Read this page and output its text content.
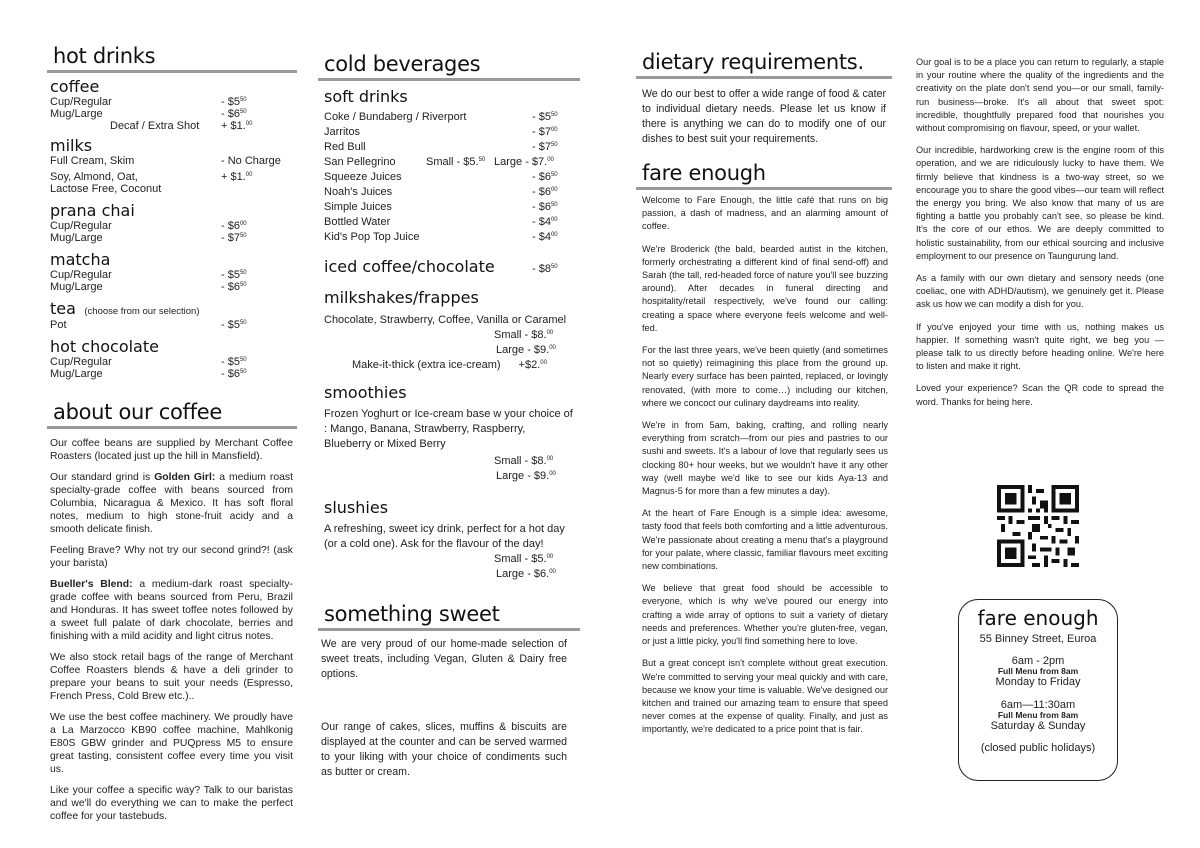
hot drinks
coffee
Cup/Regular	- $\$5^{50}$
Mug/Large	- $\$6^{50}$
Decaf / Extra Shot	+ $1.00
milks
Full Cream, Skim	- No Charge
Soy, Almond, Oat,	+ $1.00
Lactose Free, Coconut
prana chai
Cup/Regular	- $\$6^{00}$
Mug/Large	- $\$7^{50}$
matcha
Cup/Regular	- $\$5^{50}$
Mug/Large	- $\$6^{50}$
tea (choose from our selection)
Pot	- $\$5^{50}$
hot chocolate
Cup/Regular	- $\$5^{50}$
Mug/Large	- $\$6^{50}$
about our coffee

Our coffee beans are supplied by Merchant Coffee Roasters (located just up the hill in Mansfield).

Our standard grind is Golden Girl: a medium roast specialty-grade coffee with beans sourced from Columbia, Nicaragua & Mexico. It has soft floral notes, medium to high stone-fruit acidy and a smooth delicate finish.

Feeling Brave? Why not try our second grind?! (ask your barista)

Bueller's Blend: a medium-dark roast specialty-grade coffee with beans sourced from Peru, Brazil and Honduras. It has sweet toffee notes followed by a sweet full palate of dark chocolate, berries and finishing with a mild acidity and light citrus notes.

We also stock retail bags of the range of Merchant Coffee Roasters blends & have a deli grinder to prepare your beans to suit your needs (Espresso, French Press, Cold Brew etc.)..

We use the best coffee machinery. We proudly have a La Marzocco KB90 coffee machine, Mahlkonig E80S GBW grinder and PUQpress M5 to ensure great tasting, consistent coffee every time you visit us.

Like your coffee a specific way? Talk to our baristas and we'll do everything we can to make the perfect coffee for your tastebuds.

cold beverages
soft drinks
Coke / Bundaberg / Riverport	- $\$5^{50}$
Jarritos	- $\$7^{00}$
Red Bull	- $\$7^{50}$
San Pellegrino	Small - $5.50 Large - $7.00
Squeeze Juices	- $\$6^{50}$
Noah's Juices	- $\$6^{00}$
Simple Juices	- $\$6^{50}$
Bottled Water	- $\$4^{00}$
Kid's Pop Top Juice	- $\$4^{00}$
iced coffee/chocolate	- $\$8^{50}$
milkshakes/frappes
Chocolate, Strawberry, Coffee, Vanilla or Caramel
Small - $8.00
Large - $9.00
Make-it-thick (extra ice-cream) +$2.00
smoothies
Frozen Yoghurt or Ice-cream base w your choice of : Mango, Banana, Strawberry, Raspberry, Blueberry or Mixed Berry
Small - $8.00
Large - $9.00
slushies
A refreshing, sweet icy drink, perfect for a hot day (or a cold one). Ask for the flavour of the day!
Small - $5.00
Large - $6.00
something sweet

We are very proud of our home-made selection of sweet treats, including Vegan, Gluten & Dairy free options.

Our range of cakes, slices, muffins & biscuits are displayed at the counter and can be served warmed to your liking with your choice of condiments such as butter or cream.

dietary requirements.

We do our best to offer a wide range of food & cater to individual dietary needs. Please let us know if there is anything we can do to modify one of our dishes to best suit your requirements.

fare enough

Welcome to Fare Enough, the little café that runs on big passion, a dash of madness, and an alarming amount of coffee.

We're Broderick (the bald, bearded autist in the kitchen, formerly orchestrating a different kind of final send-off) and Sarah (the tall, red-headed force of nature you'll see buzzing around). After decades in funeral directing and hospitality/retail respectively, we've found our calling: creating a space where everyone feels welcome and well-fed.

For the last three years, we've been quietly (and sometimes not so quietly) reimagining this place from the ground up. Nearly every surface has been painted, replaced, or lovingly renovated, (with more to come…) including our kitchen, where we concoct our culinary daydreams into reality.

We're in from 5am, baking, crafting, and rolling nearly everything from scratch—from our pies and pastries to our sushi and sweets. It's a labour of love that regularly sees us clocking 80+ hour weeks, but we wouldn't have it any other way (well maybe we'd like to see our kids Aya-13 and Magnus-5 for more than a few minutes a day).

At the heart of Fare Enough is a simple idea: awesome, tasty food that feels both comforting and a little adventurous. We're passionate about creating a menu that's a playground for your palate, where classic, familiar flavours meet exciting new combinations.

We believe that great food should be accessible to everyone, which is why we've poured our energy into crafting a wide array of options to suit a variety of dietary needs and preferences. Whether you're gluten-free, vegan, or just a little picky, you'll find something here to love.

But a great concept isn't complete without great execution. We're committed to serving your meal quickly and with care, because we know your time is valuable. We've designed our kitchen and trained our amazing team to ensure that speed never comes at the expense of quality. Finally, and just as importantly, we're dedicated to a price point that is fair.

Our goal is to be a place you can return to regularly, a staple in your routine where the quality of the ingredients and the creativity on the plate don't send you—or our small, family-run business—broke. It's all about that sweet spot: incredible, thoughtfully prepared food that nourishes you without compromising on flavour, speed, or your wallet.

Our incredible, hardworking crew is the engine room of this operation, and we are ridiculously lucky to have them. We firmly believe that kindness is a two-way street, so we encourage you to share the good vibes—our team will reflect the energy you bring. We also know that many of us are fighting a battle you probably can't see, so please be kind. It's the core of our ethos. We are deeply committed to holistic sustainability, from our ethical sourcing and inclusive employment to our presence on Taungurung land.

As a family with our own dietary and sensory needs (one coeliac, one with ADHD/autism), we genuinely get it. Please ask us how we can modify a dish for you.

If you've enjoyed your time with us, nothing makes us happier. If something wasn't quite right, we beg you — please talk to us directly before heading online. We're here to listen and make it right.

Loved your experience? Scan the QR code to spread the word. Thanks for being here.

fare enough
55 Binney Street, Euroa
6am - 2pm
Full Menu from 8am
Monday to Friday
6am—11:30am
Full Menu from 8am
Saturday & Sunday
(closed public holidays)
